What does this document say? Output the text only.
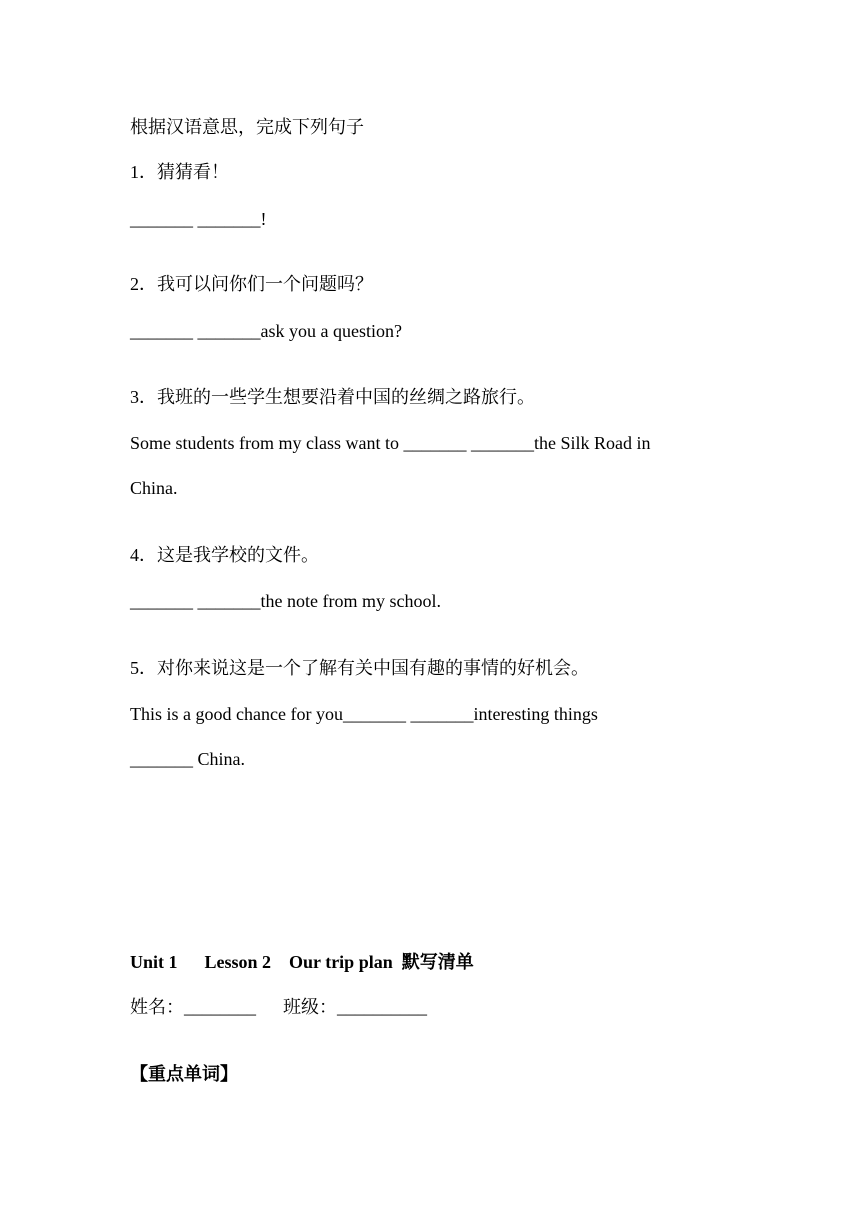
根据汉语意思，完成下列句子
1．猜猜看！
_______ _______!
2．我可以问你们一个问题吗？
_______ _______ask you a question?
3．我班的一些学生想要沿着中国的丝绸之路旅行。
Some students from my class want to _______ _______the Silk Road in
China.
4．这是我学校的文件。
_______ _______the note from my school.
5．对你来说这是一个了解有关中国有趣的事情的好机会。
This is a good chance for you_______ _______interesting things
_______ China.
Unit 1      Lesson 2    Our trip plan  默写清单
姓名：________      班级：__________
【重点单词】
